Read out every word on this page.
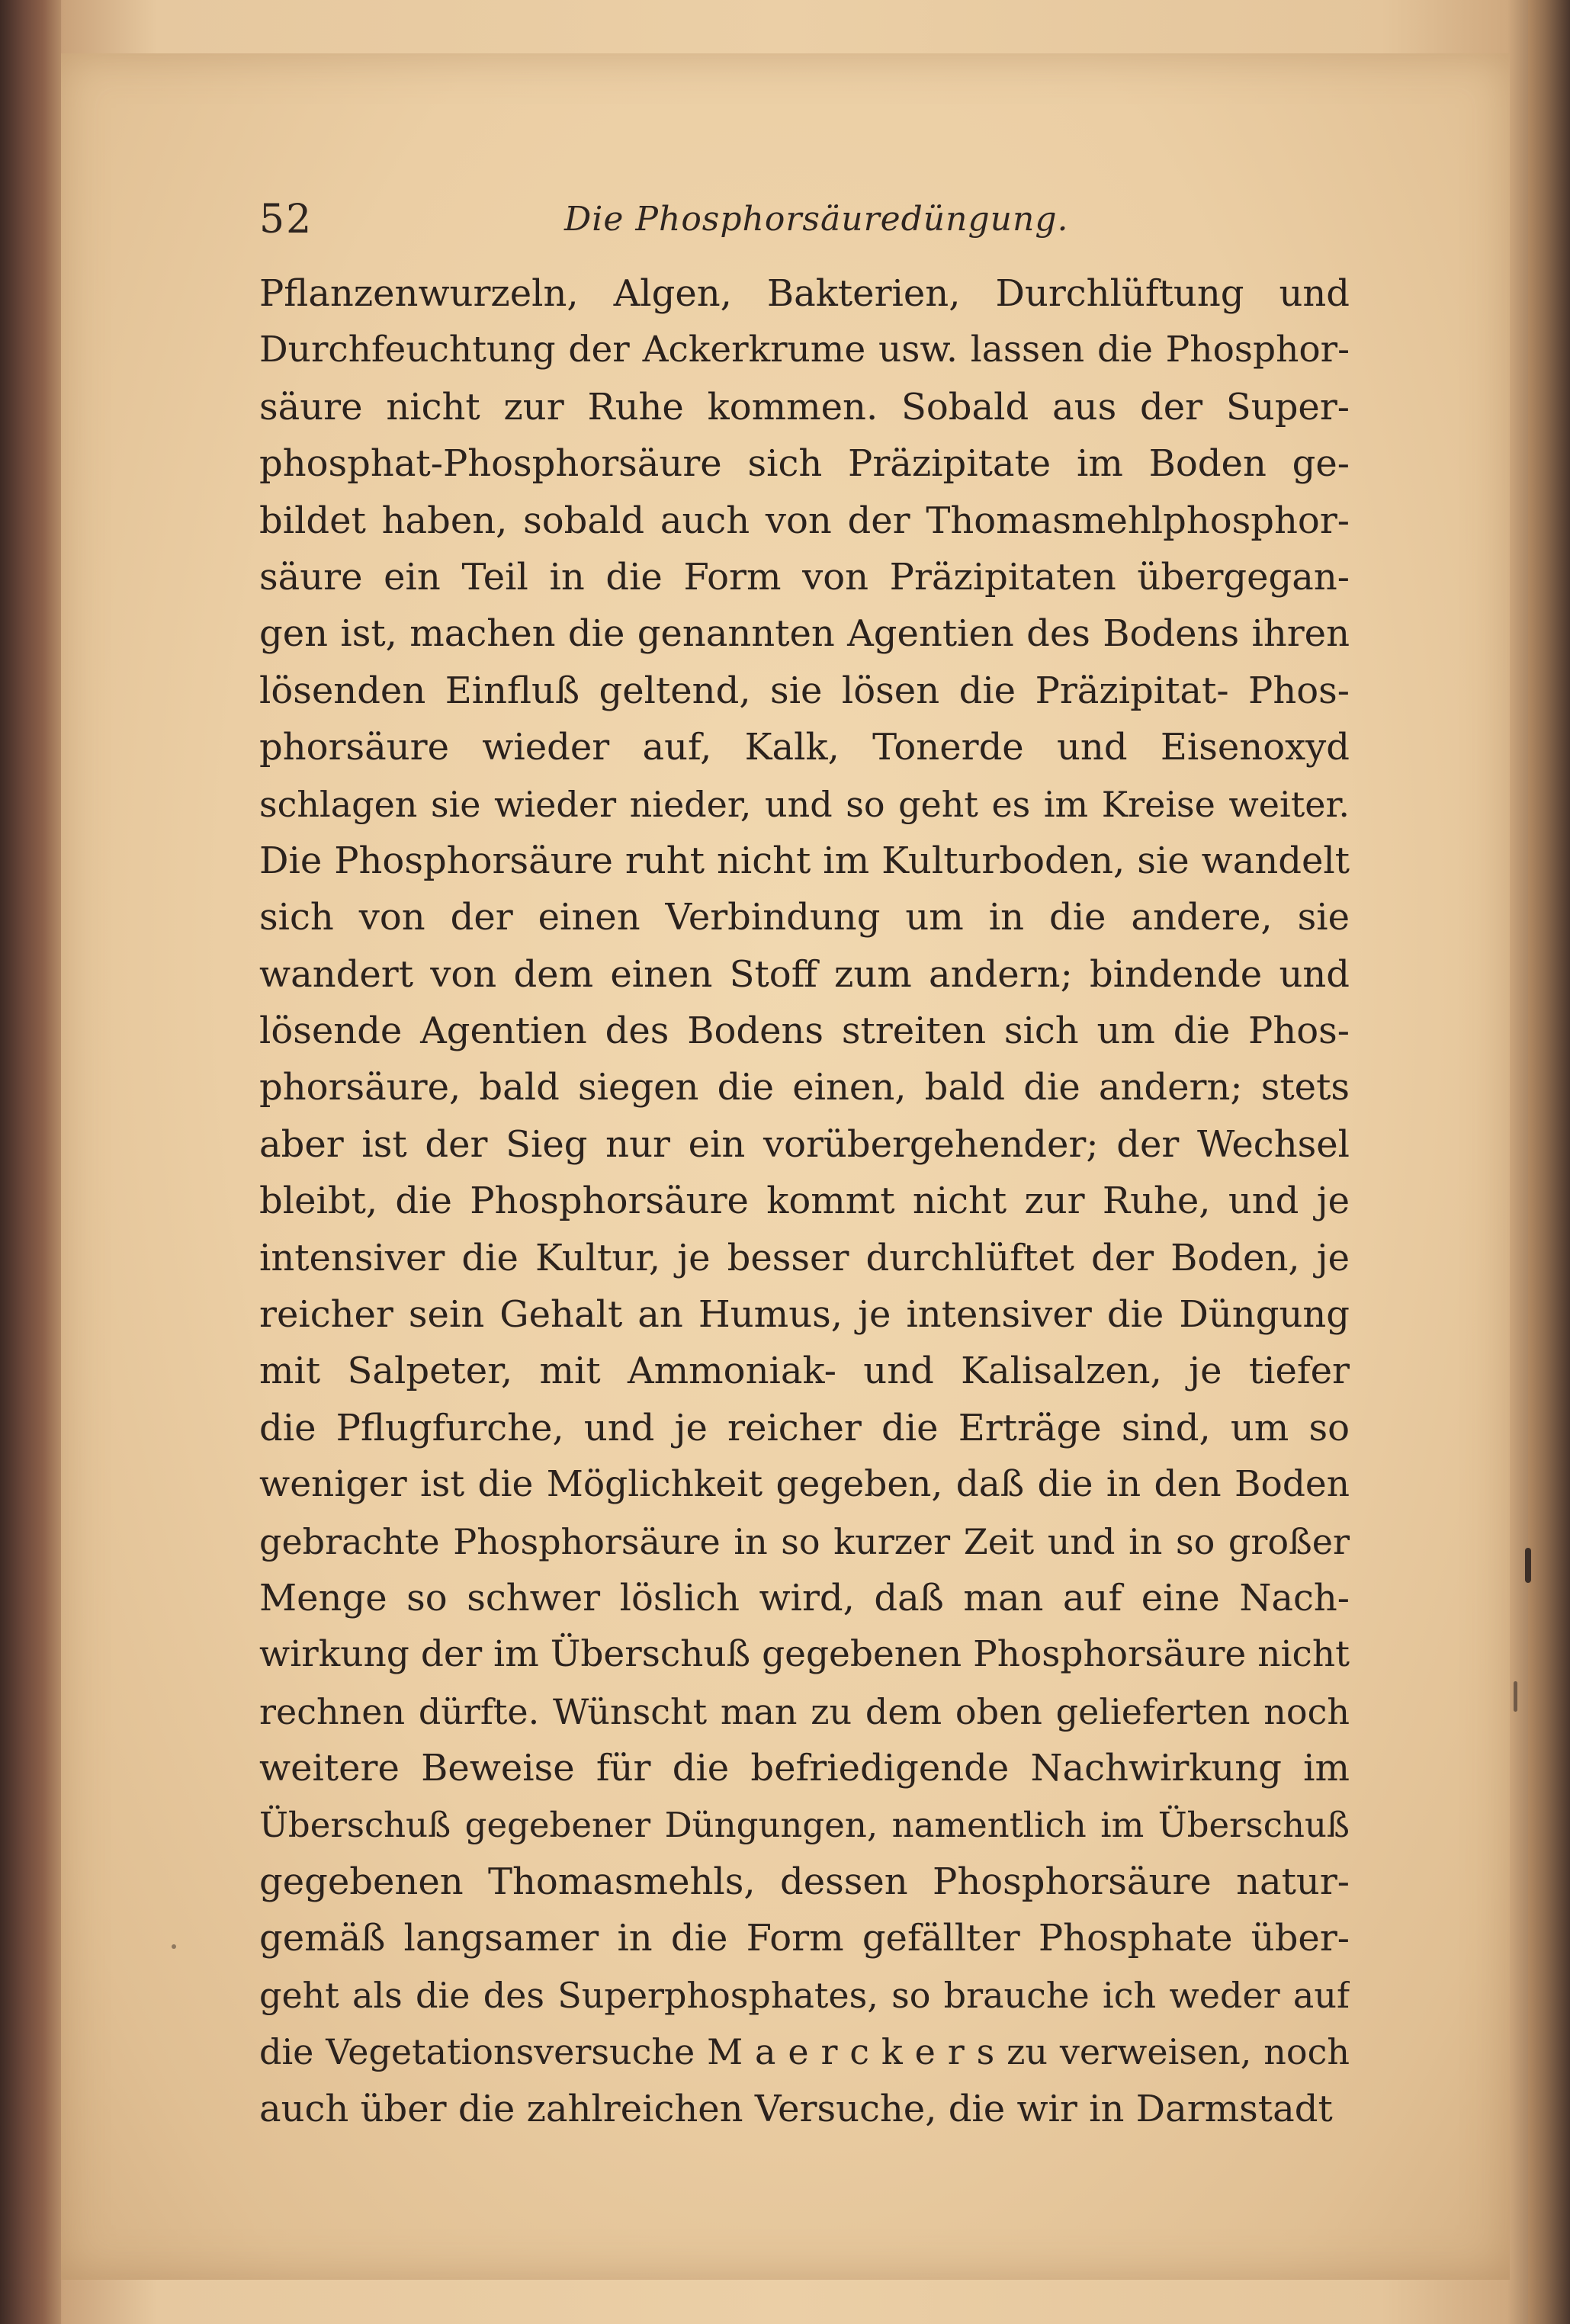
52	Die Phosphorsäuredüngung.
Pflanzenwurzeln, Algen, Bakterien, Durchlüftung und
Durchfeuchtung der Ackerkrume usw. lassen die Phosphor-
säure nicht zur Ruhe kommen. Sobald aus der Super-
phosphat-Phosphorsäure sich Präzipitate im Boden ge-
bildet haben, sobald auch von der Thomasmehlphosphor-
säure ein Teil in die Form von Präzipitaten übergegan-
gen ist, machen die genannten Agentien des Bodens ihren
lösenden Einfluß geltend, sie lösen die Präzipitat- Phos-
phorsäure wieder auf, Kalk, Tonerde und Eisenoxyd
schlagen sie wieder nieder, und so geht es im Kreise weiter.
Die Phosphorsäure ruht nicht im Kulturboden, sie wandelt
sich von der einen Verbindung um in die andere, sie
wandert von dem einen Stoff zum andern; bindende und
lösende Agentien des Bodens streiten sich um die Phos-
phorsäure, bald siegen die einen, bald die andern; stets
aber ist der Sieg nur ein vorübergehender; der Wechsel
bleibt, die Phosphorsäure kommt nicht zur Ruhe, und je
intensiver die Kultur, je besser durchlüftet der Boden, je
reicher sein Gehalt an Humus, je intensiver die Düngung
mit Salpeter, mit Ammoniak- und Kalisalzen, je tiefer
die Pflugfurche, und je reicher die Erträge sind, um so
weniger ist die Möglichkeit gegeben, daß die in den Boden
gebrachte Phosphorsäure in so kurzer Zeit und in so großer
Menge so schwer löslich wird, daß man auf eine Nach-
wirkung der im Überschuß gegebenen Phosphorsäure nicht
rechnen dürfte. Wünscht man zu dem oben gelieferten noch
weitere Beweise für die befriedigende Nachwirkung im
Überschuß gegebener Düngungen, namentlich im Überschuß
gegebenen Thomasmehls, dessen Phosphorsäure natur-
gemäß langsamer in die Form gefällter Phosphate über-
geht als die des Superphosphates, so brauche ich weder auf
die Vegetationsversuche M a e r c k e r s zu verweisen, noch
auch über die zahlreichen Versuche, die wir in Darmstadt
